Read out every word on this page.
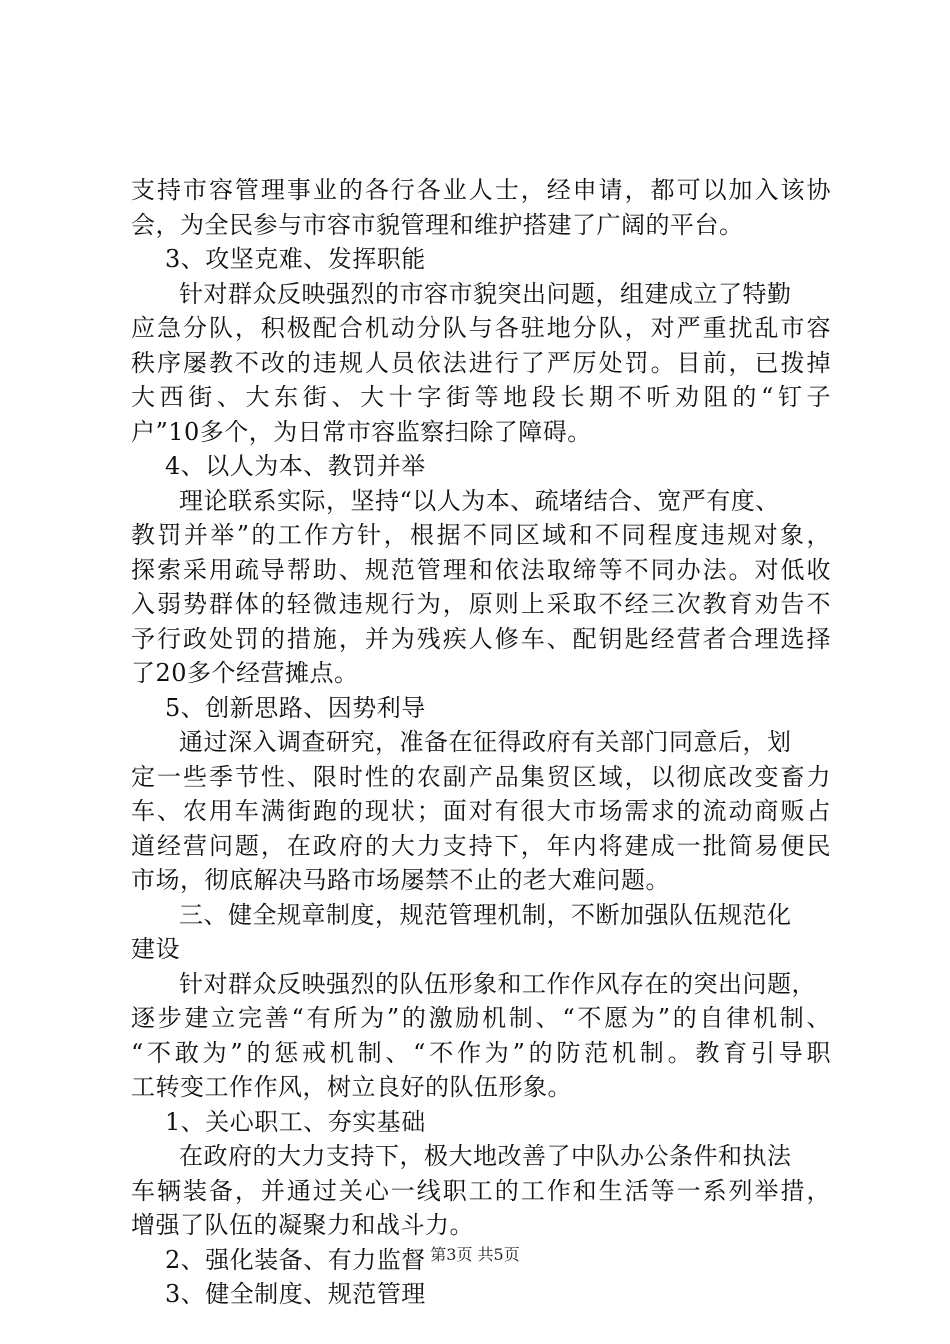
支持市容管理事业的各行各业人士，经申请，都可以加入该协
会，为全民参与市容市貌管理和维护搭建了广阔的平台。
3、攻坚克难、发挥职能
针对群众反映强烈的市容市貌突出问题，组建成立了特勤
应急分队，积极配合机动分队与各驻地分队，对严重扰乱市容
秩序屡教不改的违规人员依法进行了严厉处罚。目前，已拨掉
大西街、大东街、大十字街等地段长期不听劝阻的“钉子
户”10多个，为日常市容监察扫除了障碍。
4、以人为本、教罚并举
理论联系实际，坚持“以人为本、疏堵结合、宽严有度、
教罚并举”的工作方针，根据不同区域和不同程度违规对象，
探索采用疏导帮助、规范管理和依法取缔等不同办法。对低收
入弱势群体的轻微违规行为，原则上采取不经三次教育劝告不
予行政处罚的措施，并为残疾人修车、配钥匙经营者合理选择
了20多个经营摊点。
5、创新思路、因势利导
通过深入调查研究，准备在征得政府有关部门同意后，划
定一些季节性、限时性的农副产品集贸区域，以彻底改变畜力
车、农用车满街跑的现状；面对有很大市场需求的流动商贩占
道经营问题，在政府的大力支持下，年内将建成一批简易便民
市场，彻底解决马路市场屡禁不止的老大难问题。
三、健全规章制度，规范管理机制，不断加强队伍规范化
建设
针对群众反映强烈的队伍形象和工作作风存在的突出问题，
逐步建立完善“有所为”的激励机制、“不愿为”的自律机制、
“不敢为”的惩戒机制、“不作为”的防范机制。教育引导职
工转变工作作风，树立良好的队伍形象。
1、关心职工、夯实基础
在政府的大力支持下，极大地改善了中队办公条件和执法
车辆装备，并通过关心一线职工的工作和生活等一系列举措，
增强了队伍的凝聚力和战斗力。
2、强化装备、有力监督
3、健全制度、规范管理
第3页 共5页
